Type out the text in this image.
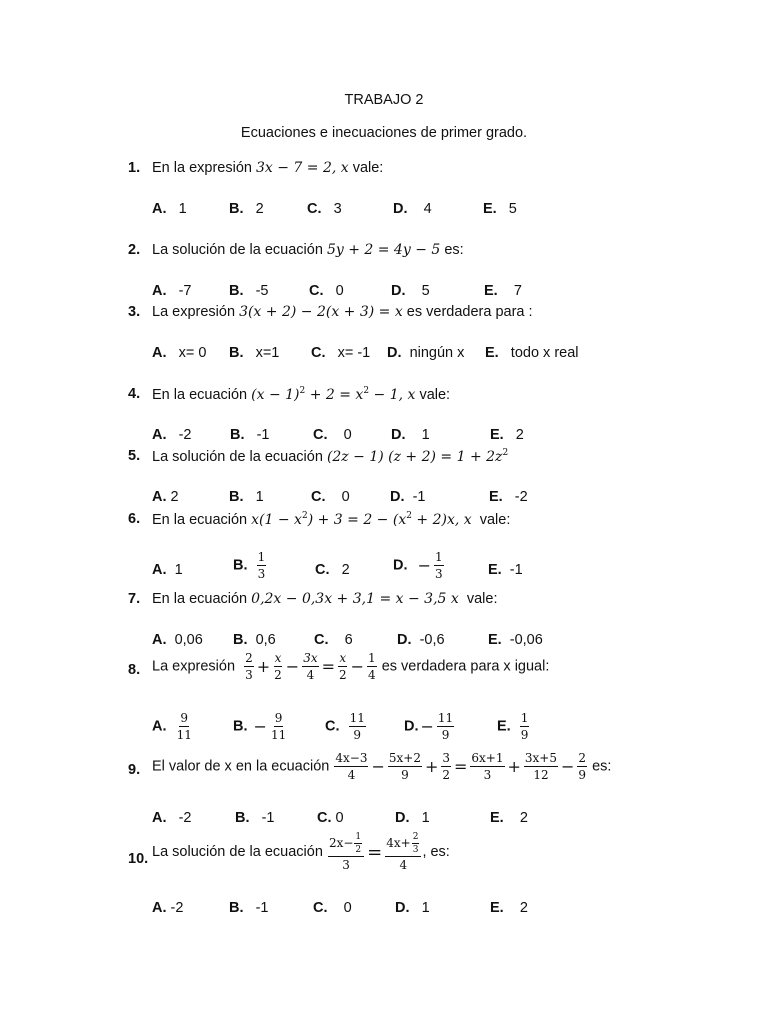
TRABAJO 2
Ecuaciones e inecuaciones de primer grado.
1. En la expresión 3x − 7 = 2, x vale:
A. 1	B. 2	C. 3	D. 4	E. 5
2. La solución de la ecuación 5y + 2 = 4y − 5 es:
A. -7	B. -5	C. 0	D. 5	E. 7
3. La expresión 3(x + 2) − 2(x + 3) = x es verdadera para :
A. x= 0 B. x=1 C. x= -1 D. ningún x E. todo x real
4. En la ecuación $(x - 1)^2 + 2 = x^2 - 1$, x vale:
A. -2	B. -1	C. 0	D. 1	E. 2
5. La solución de la ecuación (2z − 1) $(z + 2) = 1 + 2z^2$
A. 2	B. 1	C. 0	D. -1	E. -2
6. En la ecuación $x(1 - x^2) + 3 = 2 - (x^2 + 2)x$, x vale:
A. 1	B. $\frac{1}{3}$	C. 2	D. − $\frac{1}{3}$	E. -1
7. En la ecuación 0,2x − 0,3x + 3,1 = x − 3,5 x vale:
A. 0,06 B. 0,6	C. 6	D. -0,6	E. -0,06
8. La expresión $\frac{2}{3} + \frac{x}{2} - \frac{3x}{4} = \frac{x}{2} - \frac{1}{4}$ es verdadera para x igual:
A. $\frac{9}{11}$	B. − $\frac{9}{11}$	C. $\frac{11}{9}$	D. − $\frac{11}{9}$	E. $\frac{1}{9}$
9. El valor de x en la ecuación $\frac{4x-3}{4} - \frac{5x+2}{9} + \frac{3}{2} = \frac{6x+1}{3} + \frac{3x+5}{12} - \frac{2}{9}$ es:
A. -2	B. -1	C. 0	D. 1	E. 2
10. La solución de la ecuación $\frac{2x- \frac{1}{2}}{3} = \frac{4x+ \frac{2}{3}}{4}$ , es:
A. -2	B. -1	C. 0	D. 1	E. 2
